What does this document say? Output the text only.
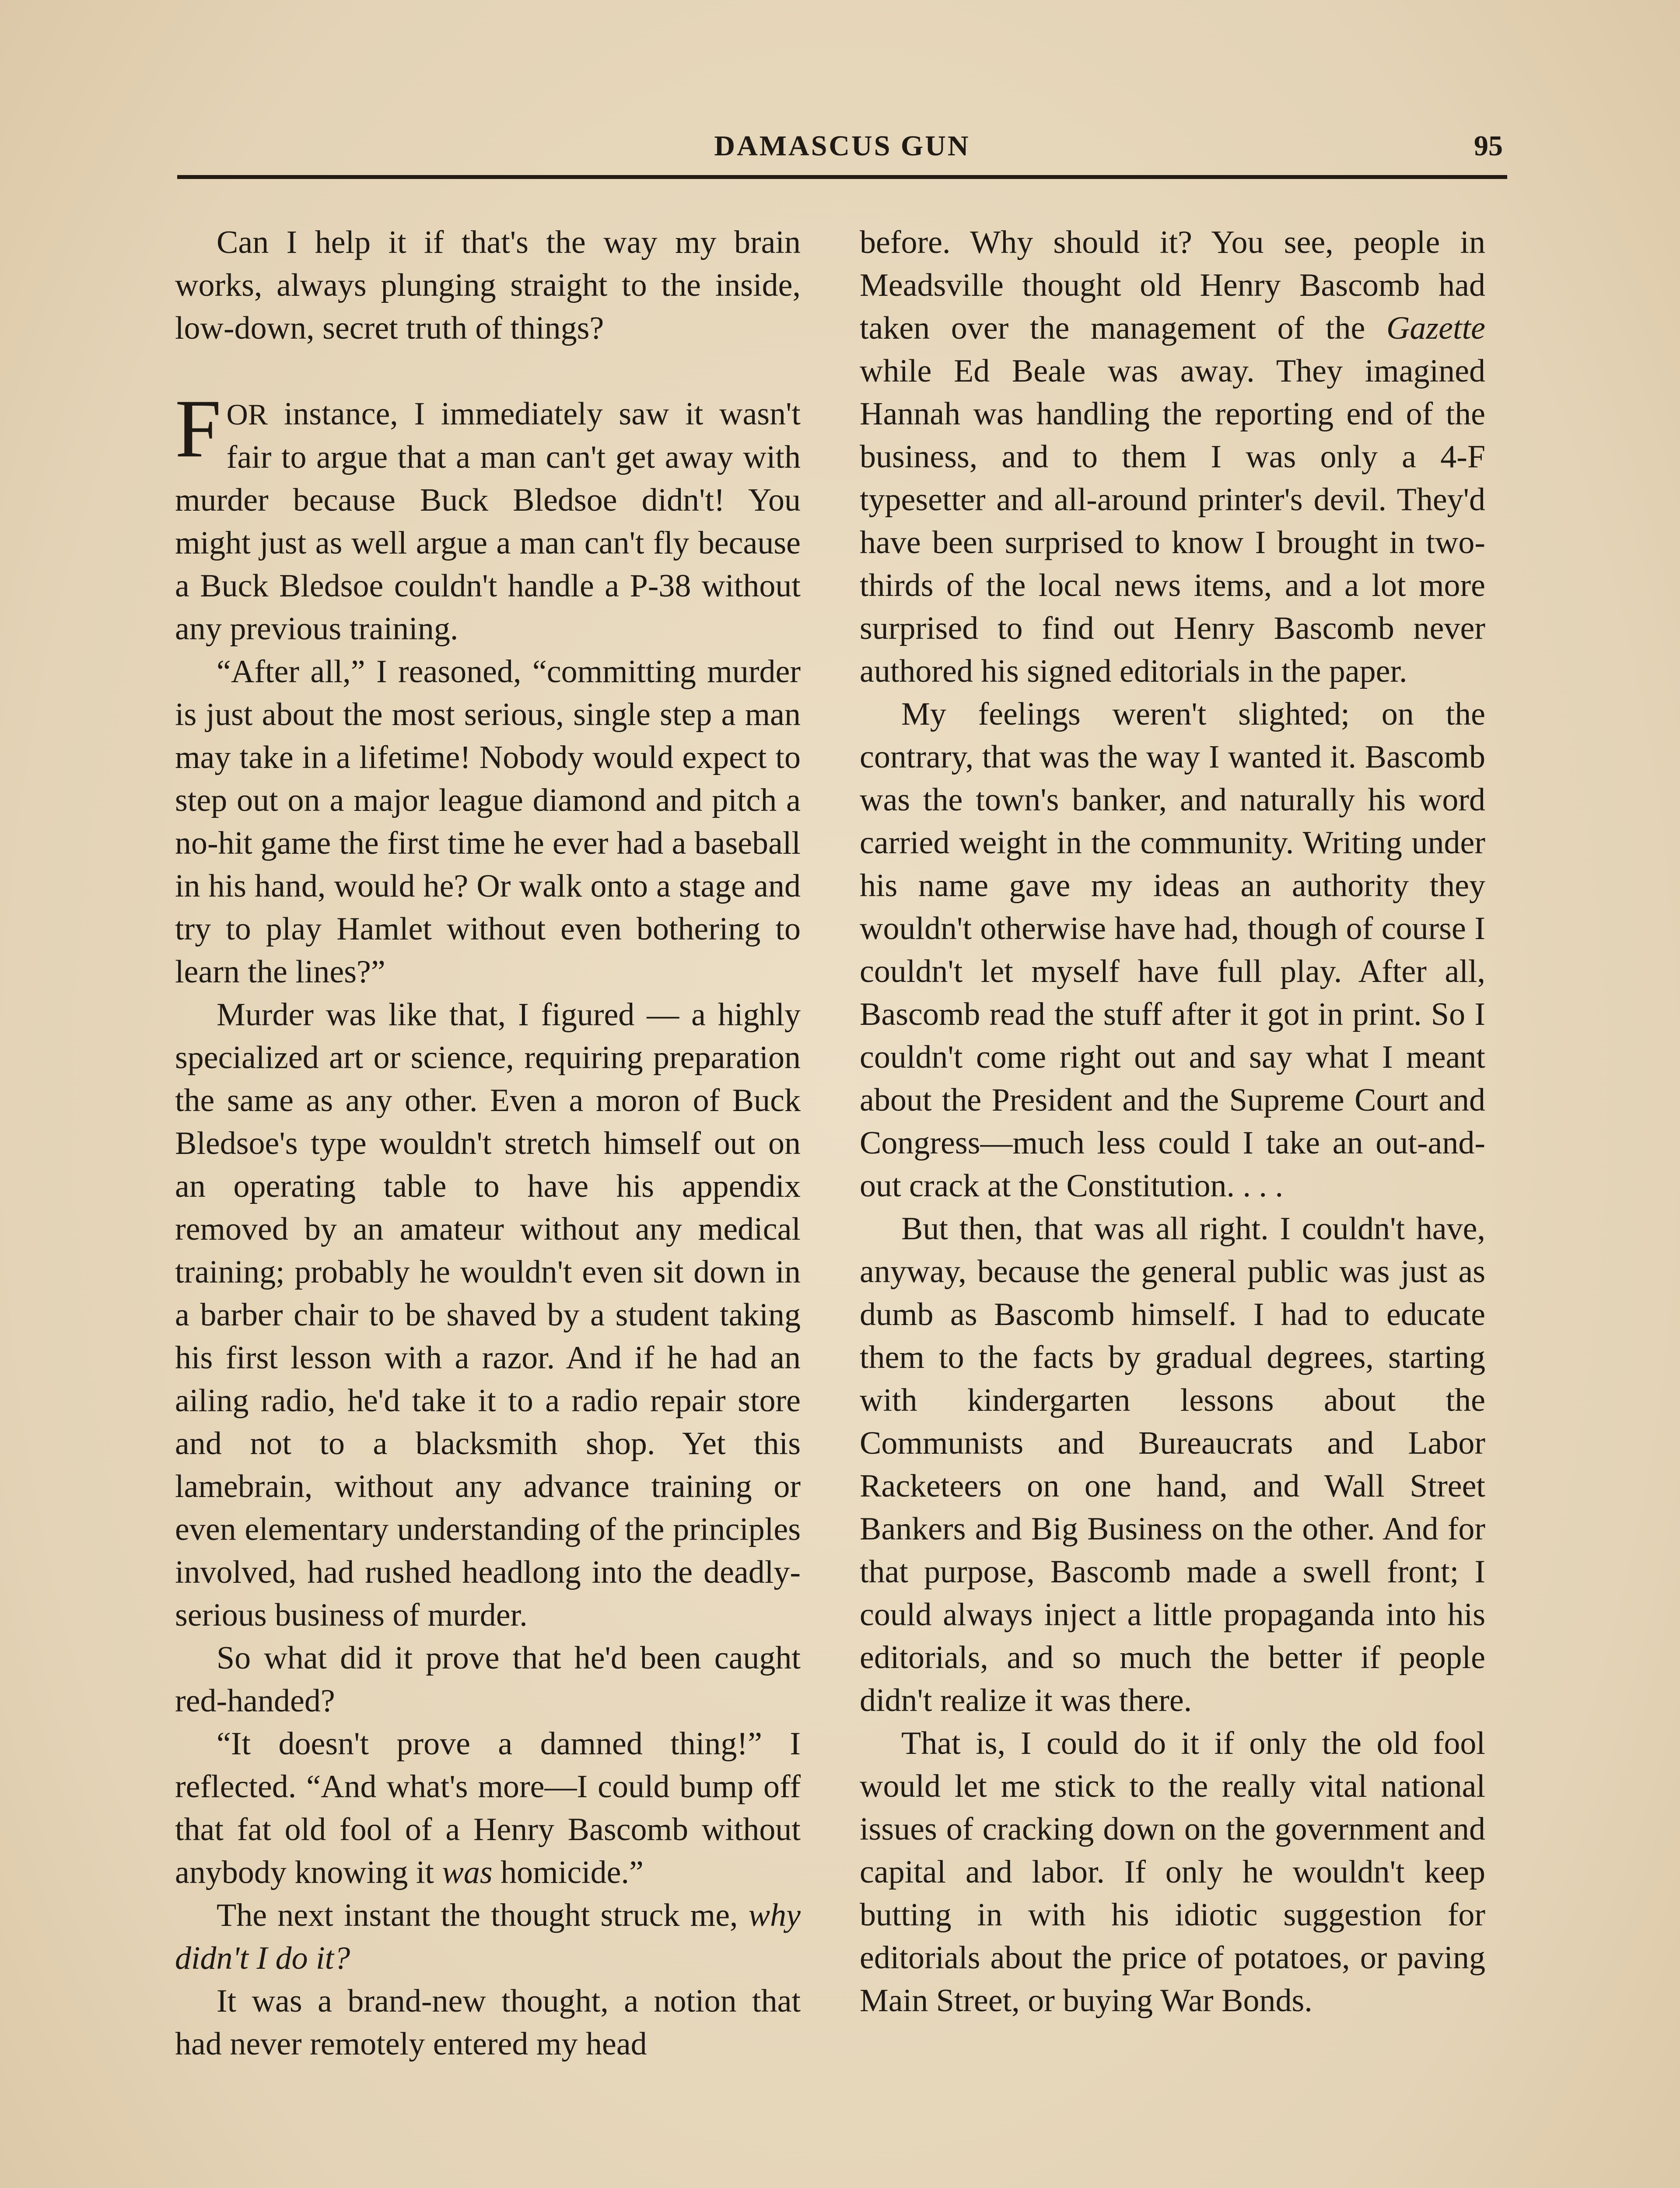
DAMASCUS GUN	95

Can I help it if that's the way my brain works, always plunging straight to the inside, low-down, secret truth of things?

FOR instance, I immediately saw it wasn't fair to argue that a man can't get away with murder because Buck Bledsoe didn't! You might just as well argue a man can't fly because a Buck Bledsoe couldn't handle a P-38 without any previous training.

“After all,” I reasoned, “committing murder is just about the most serious, single step a man may take in a lifetime! Nobody would expect to step out on a major league diamond and pitch a no-hit game the first time he ever had a baseball in his hand, would he? Or walk onto a stage and try to play Hamlet without even bothering to learn the lines?”

Murder was like that, I figured — a highly specialized art or science, requiring preparation the same as any other. Even a moron of Buck Bledsoe's type wouldn't stretch himself out on an operating table to have his appendix removed by an amateur without any medical training; probably he wouldn't even sit down in a barber chair to be shaved by a student taking his first lesson with a razor. And if he had an ailing radio, he'd take it to a radio repair store and not to a blacksmith shop. Yet this lamebrain, without any advance training or even elementary understanding of the principles involved, had rushed headlong into the deadly-serious business of murder.

So what did it prove that he'd been caught red-handed?

“It doesn't prove a damned thing!” I reflected. “And what's more—I could bump off that fat old fool of a Henry Bascomb without anybody knowing it was homicide.”

The next instant the thought struck me, why didn't I do it?

It was a brand-new thought, a notion that had never remotely entered my head

before. Why should it? You see, people in Meadsville thought old Henry Bascomb had taken over the management of the Gazette while Ed Beale was away. They imagined Hannah was handling the reporting end of the business, and to them I was only a 4-F typesetter and all-around printer's devil. They'd have been surprised to know I brought in two-thirds of the local news items, and a lot more surprised to find out Henry Bascomb never authored his signed editorials in the paper.

My feelings weren't slighted; on the contrary, that was the way I wanted it. Bascomb was the town's banker, and naturally his word carried weight in the community. Writing under his name gave my ideas an authority they wouldn't otherwise have had, though of course I couldn't let myself have full play. After all, Bascomb read the stuff after it got in print. So I couldn't come right out and say what I meant about the President and the Supreme Court and Congress—much less could I take an out-and-out crack at the Constitution. . . .

But then, that was all right. I couldn't have, anyway, because the general public was just as dumb as Bascomb himself. I had to educate them to the facts by gradual degrees, starting with kindergarten lessons about the Communists and Bureaucrats and Labor Racketeers on one hand, and Wall Street Bankers and Big Business on the other. And for that purpose, Bascomb made a swell front; I could always inject a little propaganda into his editorials, and so much the better if people didn't realize it was there.

That is, I could do it if only the old fool would let me stick to the really vital national issues of cracking down on the government and capital and labor. If only he wouldn't keep butting in with his idiotic suggestion for editorials about the price of potatoes, or paving Main Street, or buying War Bonds.
